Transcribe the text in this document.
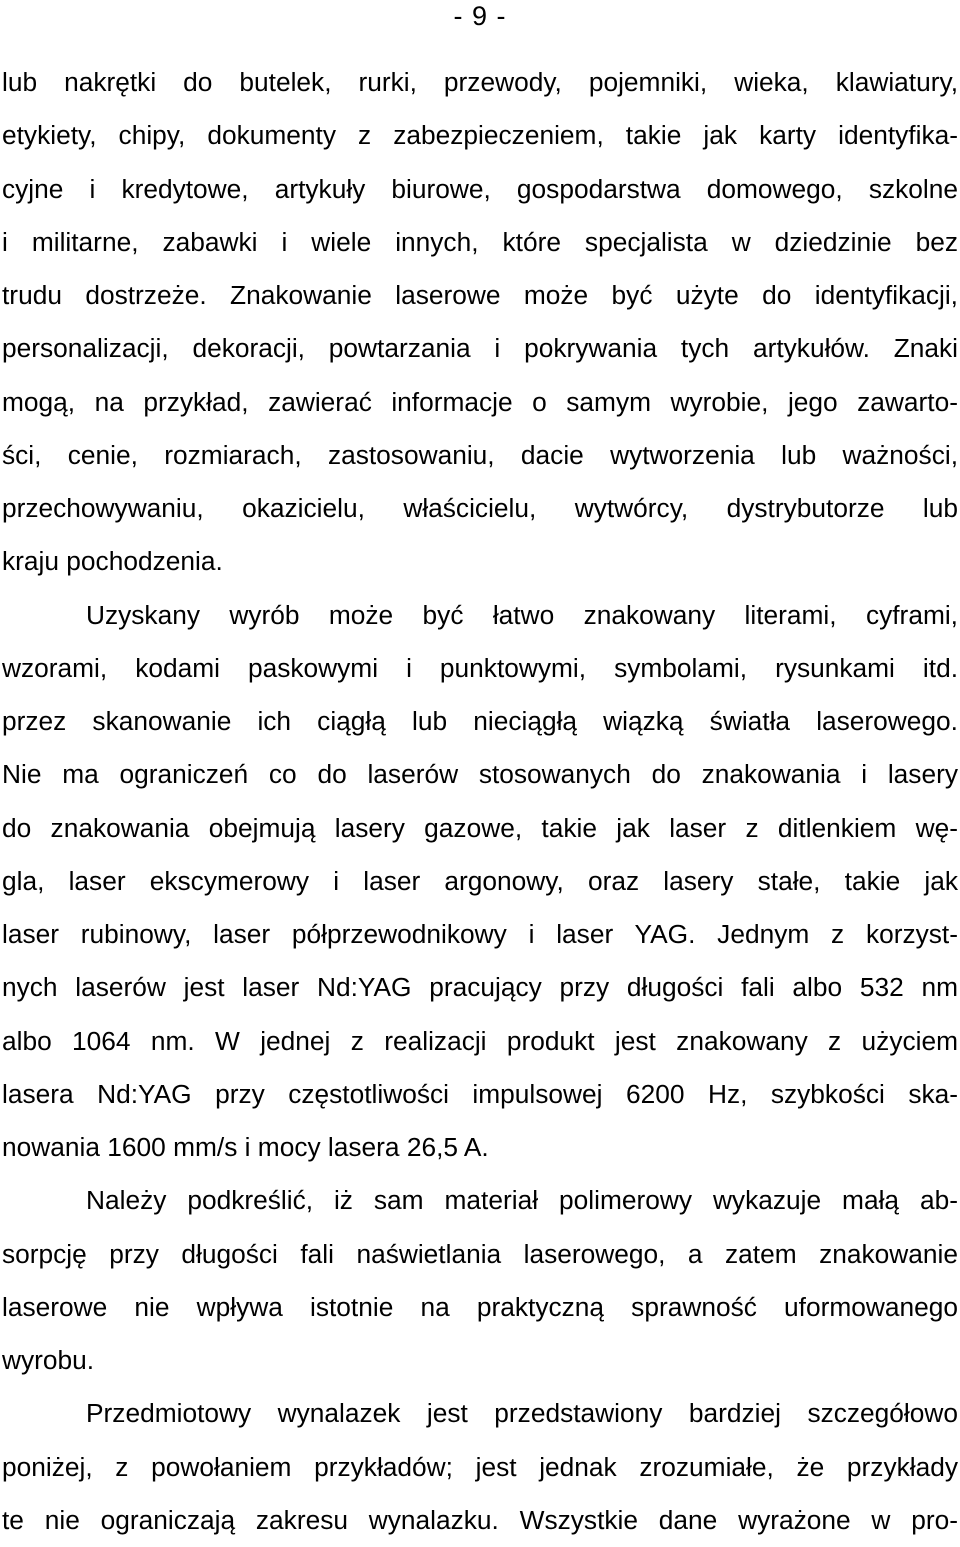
- 9 -
lub nakrętki do butelek, rurki, przewody, pojemniki, wieka, klawiatury,
etykiety, chipy, dokumenty z zabezpieczeniem, takie jak karty identyfika-
cyjne i kredytowe, artykuły biurowe, gospodarstwa domowego, szkolne
i militarne, zabawki i wiele innych, które specjalista w dziedzinie bez
trudu dostrzeże. Znakowanie laserowe może być użyte do identyfikacji,
personalizacji, dekoracji, powtarzania i pokrywania tych artykułów. Znaki
mogą, na przykład, zawierać informacje o samym wyrobie, jego zawarto-
ści, cenie, rozmiarach, zastosowaniu, dacie wytworzenia lub ważności,
przechowywaniu, okazicielu, właścicielu, wytwórcy, dystrybutorze lub
kraju pochodzenia.
Uzyskany wyrób może być łatwo znakowany literami, cyframi,
wzorami, kodami paskowymi i punktowymi, symbolami, rysunkami itd.
przez skanowanie ich ciągłą lub nieciągłą wiązką światła laserowego.
Nie ma ograniczeń co do laserów stosowanych do znakowania i lasery
do znakowania obejmują lasery gazowe, takie jak laser z ditlenkiem wę-
gla, laser ekscymerowy i laser argonowy, oraz lasery stałe, takie jak
laser rubinowy, laser półprzewodnikowy i laser YAG. Jednym z korzyst-
nych laserów jest laser Nd:YAG pracujący przy długości fali albo 532 nm
albo 1064 nm. W jednej z realizacji produkt jest znakowany z użyciem
lasera Nd:YAG przy częstotliwości impulsowej 6200 Hz, szybkości ska-
nowania 1600 mm/s i mocy lasera 26,5 A.
Należy podkreślić, iż sam materiał polimerowy wykazuje małą ab-
sorpcję przy długości fali naświetlania laserowego, a zatem znakowanie
laserowe nie wpływa istotnie na praktyczną sprawność uformowanego
wyrobu.
Przedmiotowy wynalazek jest przedstawiony bardziej szczegółowo
poniżej, z powołaniem przykładów; jest jednak zrozumiałe, że przykłady
te nie ograniczają zakresu wynalazku. Wszystkie dane wyrażone w pro-
